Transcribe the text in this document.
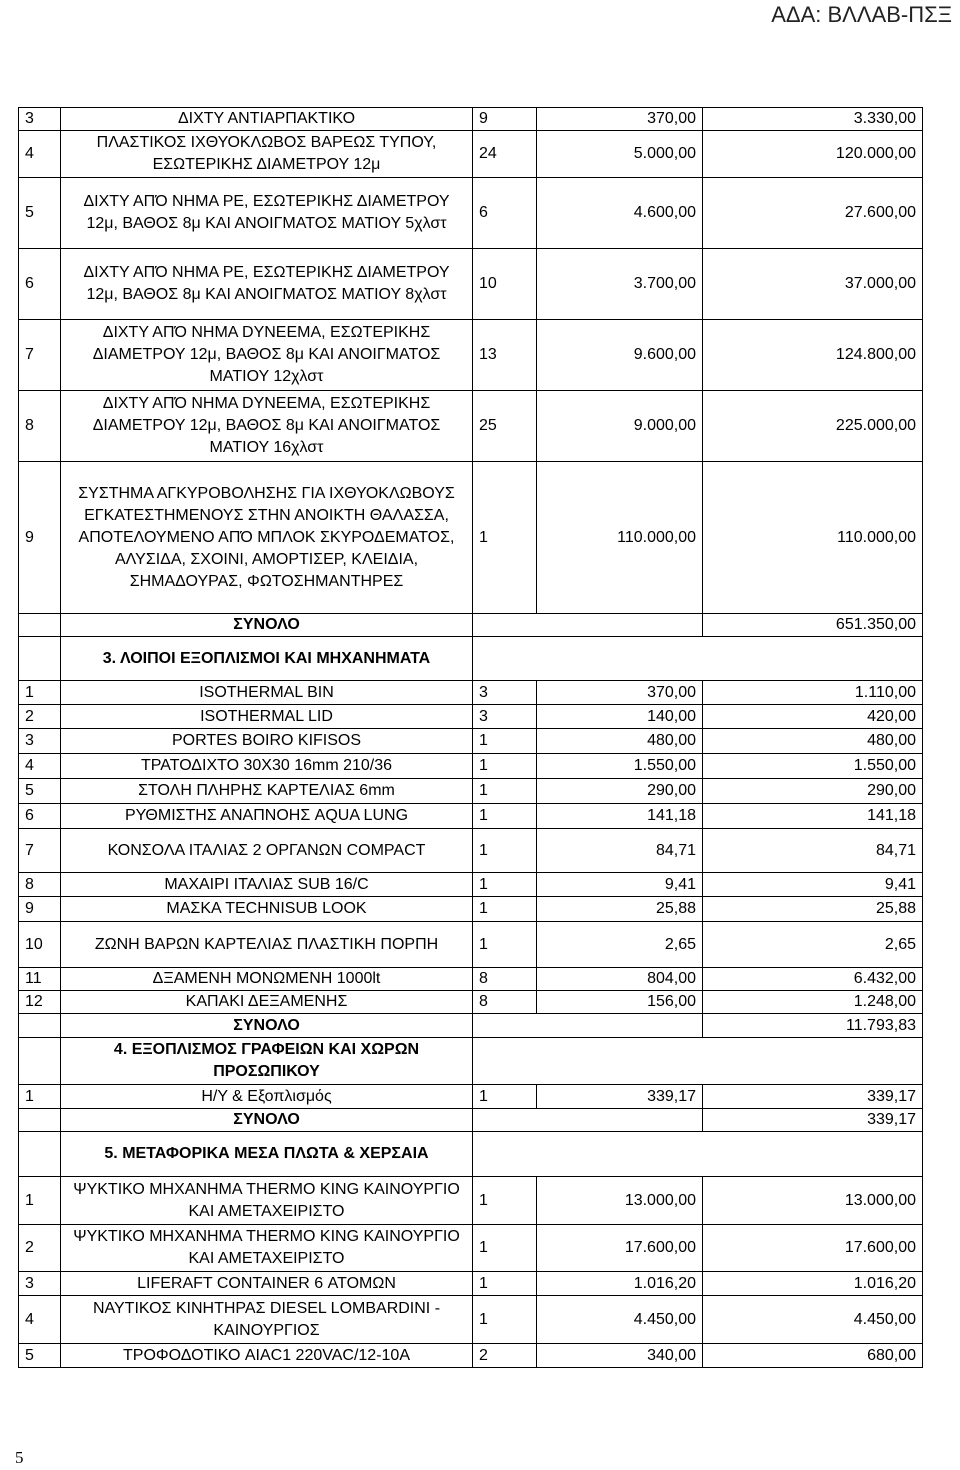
ΑΔΑ: ΒΛΛΑΒ-ΠΣΞ
3	ΔΙΧΤΥ ΑΝΤΙΑΡΠΑΚΤΙΚΟ	9	370,00	3.330,00
4	ΠΛΑΣΤΙΚΟΣ ΙΧΘΥΟΚΛΩΒΟΣ ΒΑΡΕΩΣ ΤΥΠΟΥ, ΕΣΩΤΕΡΙΚΗΣ ΔΙΑΜΕΤΡΟΥ 12μ	24	5.000,00	120.000,00
5	ΔΙΧΤΥ ΑΠΌ ΝΗΜΑ PE, ΕΣΩΤΕΡΙΚΗΣ ΔΙΑΜΕΤΡΟΥ 12μ, ΒΑΘΟΣ 8μ ΚΑΙ ΑΝΟΙΓΜΑΤΟΣ ΜΑΤΙΟΥ 5χλστ	6	4.600,00	27.600,00
6	ΔΙΧΤΥ ΑΠΌ ΝΗΜΑ PE, ΕΣΩΤΕΡΙΚΗΣ ΔΙΑΜΕΤΡΟΥ 12μ, ΒΑΘΟΣ 8μ ΚΑΙ ΑΝΟΙΓΜΑΤΟΣ ΜΑΤΙΟΥ 8χλστ	10	3.700,00	37.000,00
7	ΔΙΧΤΥ ΑΠΌ ΝΗΜΑ DYNEEMA, ΕΣΩΤΕΡΙΚΗΣ ΔΙΑΜΕΤΡΟΥ 12μ, ΒΑΘΟΣ 8μ ΚΑΙ ΑΝΟΙΓΜΑΤΟΣ ΜΑΤΙΟΥ 12χλστ	13	9.600,00	124.800,00
8	ΔΙΧΤΥ ΑΠΌ ΝΗΜΑ DYNEEMA, ΕΣΩΤΕΡΙΚΗΣ ΔΙΑΜΕΤΡΟΥ 12μ, ΒΑΘΟΣ 8μ ΚΑΙ ΑΝΟΙΓΜΑΤΟΣ ΜΑΤΙΟΥ 16χλστ	25	9.000,00	225.000,00
9	ΣΥΣΤΗΜΑ ΑΓΚΥΡΟΒΟΛΗΣΗΣ ΓΙΑ ΙΧΘΥΟΚΛΩΒΟΥΣ ΕΓΚΑΤΕΣΤΗΜΕΝΟΥΣ ΣΤΗΝ ΑΝΟΙΚΤΗ ΘΑΛΑΣΣΑ, ΑΠΟΤΕΛΟΥΜΕΝΟ ΑΠΌ ΜΠΛΟΚ ΣΚΥΡΟΔΕΜΑΤΟΣ, ΑΛΥΣΙΔΑ, ΣΧΟΙΝΙ, ΑΜΟΡΤΙΣΕΡ, ΚΛΕΙΔΙΑ, ΣΗΜΑΔΟΥΡΑΣ, ΦΩΤΟΣΗΜΑΝΤΗΡΕΣ	1	110.000,00	110.000,00
	ΣΥΝΟΛΟ			651.350,00
	3. ΛΟΙΠΟΙ ΕΞΟΠΛΙΣΜΟΙ ΚΑΙ ΜΗΧΑΝΗΜΑΤΑ			
1	ISOTHERMAL BIN	3	370,00	1.110,00
2	ISOTHERMAL LID	3	140,00	420,00
3	PORTES BOIRO KIFISOS	1	480,00	480,00
4	ΤΡΑΤΟΔΙΧΤΟ 30Χ30 16mm 210/36	1	1.550,00	1.550,00
5	ΣΤΟΛΗ ΠΛΗΡΗΣ ΚΑΡΤΕΛΙΑΣ 6mm	1	290,00	290,00
6	ΡΥΘΜΙΣΤΗΣ ΑΝΑΠΝΟΗΣ AQUA LUNG	1	141,18	141,18
7	ΚΟΝΣΟΛΑ ΙΤΑΛΙΑΣ 2 ΟΡΓΑΝΩΝ COMPACT	1	84,71	84,71
8	ΜΑΧΑΙΡΙ ΙΤΑΛΙΑΣ SUB 16/C	1	9,41	9,41
9	ΜΑΣΚΑ TECHNISUB LOOK	1	25,88	25,88
10	ΖΩΝΗ ΒΑΡΩΝ ΚΑΡΤΕΛΙΑΣ ΠΛΑΣΤΙΚΗ ΠΟΡΠΗ	1	2,65	2,65
11	ΔΞΑΜΕΝΗ ΜΟΝΩΜΕΝΗ 1000lt	8	804,00	6.432,00
12	ΚΑΠΑΚΙ ΔΕΞΑΜΕΝΗΣ	8	156,00	1.248,00
	ΣΥΝΟΛΟ			11.793,83
	4. ΕΞΟΠΛΙΣΜΟΣ ΓΡΑΦΕΙΩΝ ΚΑΙ ΧΩΡΩΝ ΠΡΟΣΩΠΙΚΟΥ			
1	Η/Υ & Εξοπλισμός	1	339,17	339,17
	ΣΥΝΟΛΟ			339,17
	5. ΜΕΤΑΦΟΡΙΚΑ ΜΕΣΑ ΠΛΩΤΑ & ΧΕΡΣΑΙΑ			
1	ΨΥΚΤΙΚΟ ΜΗΧΑΝΗΜΑ THERMO KING ΚΑΙΝΟΥΡΓΙΟ ΚΑΙ ΑΜΕΤΑΧΕΙΡΙΣΤΟ	1	13.000,00	13.000,00
2	ΨΥΚΤΙΚΟ ΜΗΧΑΝΗΜΑ THERMO KING ΚΑΙΝΟΥΡΓΙΟ ΚΑΙ ΑΜΕΤΑΧΕΙΡΙΣΤΟ	1	17.600,00	17.600,00
3	LIFERAFT CONTAINER 6 ΑΤΟΜΩΝ	1	1.016,20	1.016,20
4	ΝΑΥΤΙΚΟΣ ΚΙΝΗΤΗΡΑΣ DIESEL LOMBARDINI - ΚΑΙΝΟΥΡΓΙΟΣ	1	4.450,00	4.450,00
5	ΤΡΟΦΟΔΟΤΙΚΟ AIAC1 220VAC/12-10A	2	340,00	680,00
5
